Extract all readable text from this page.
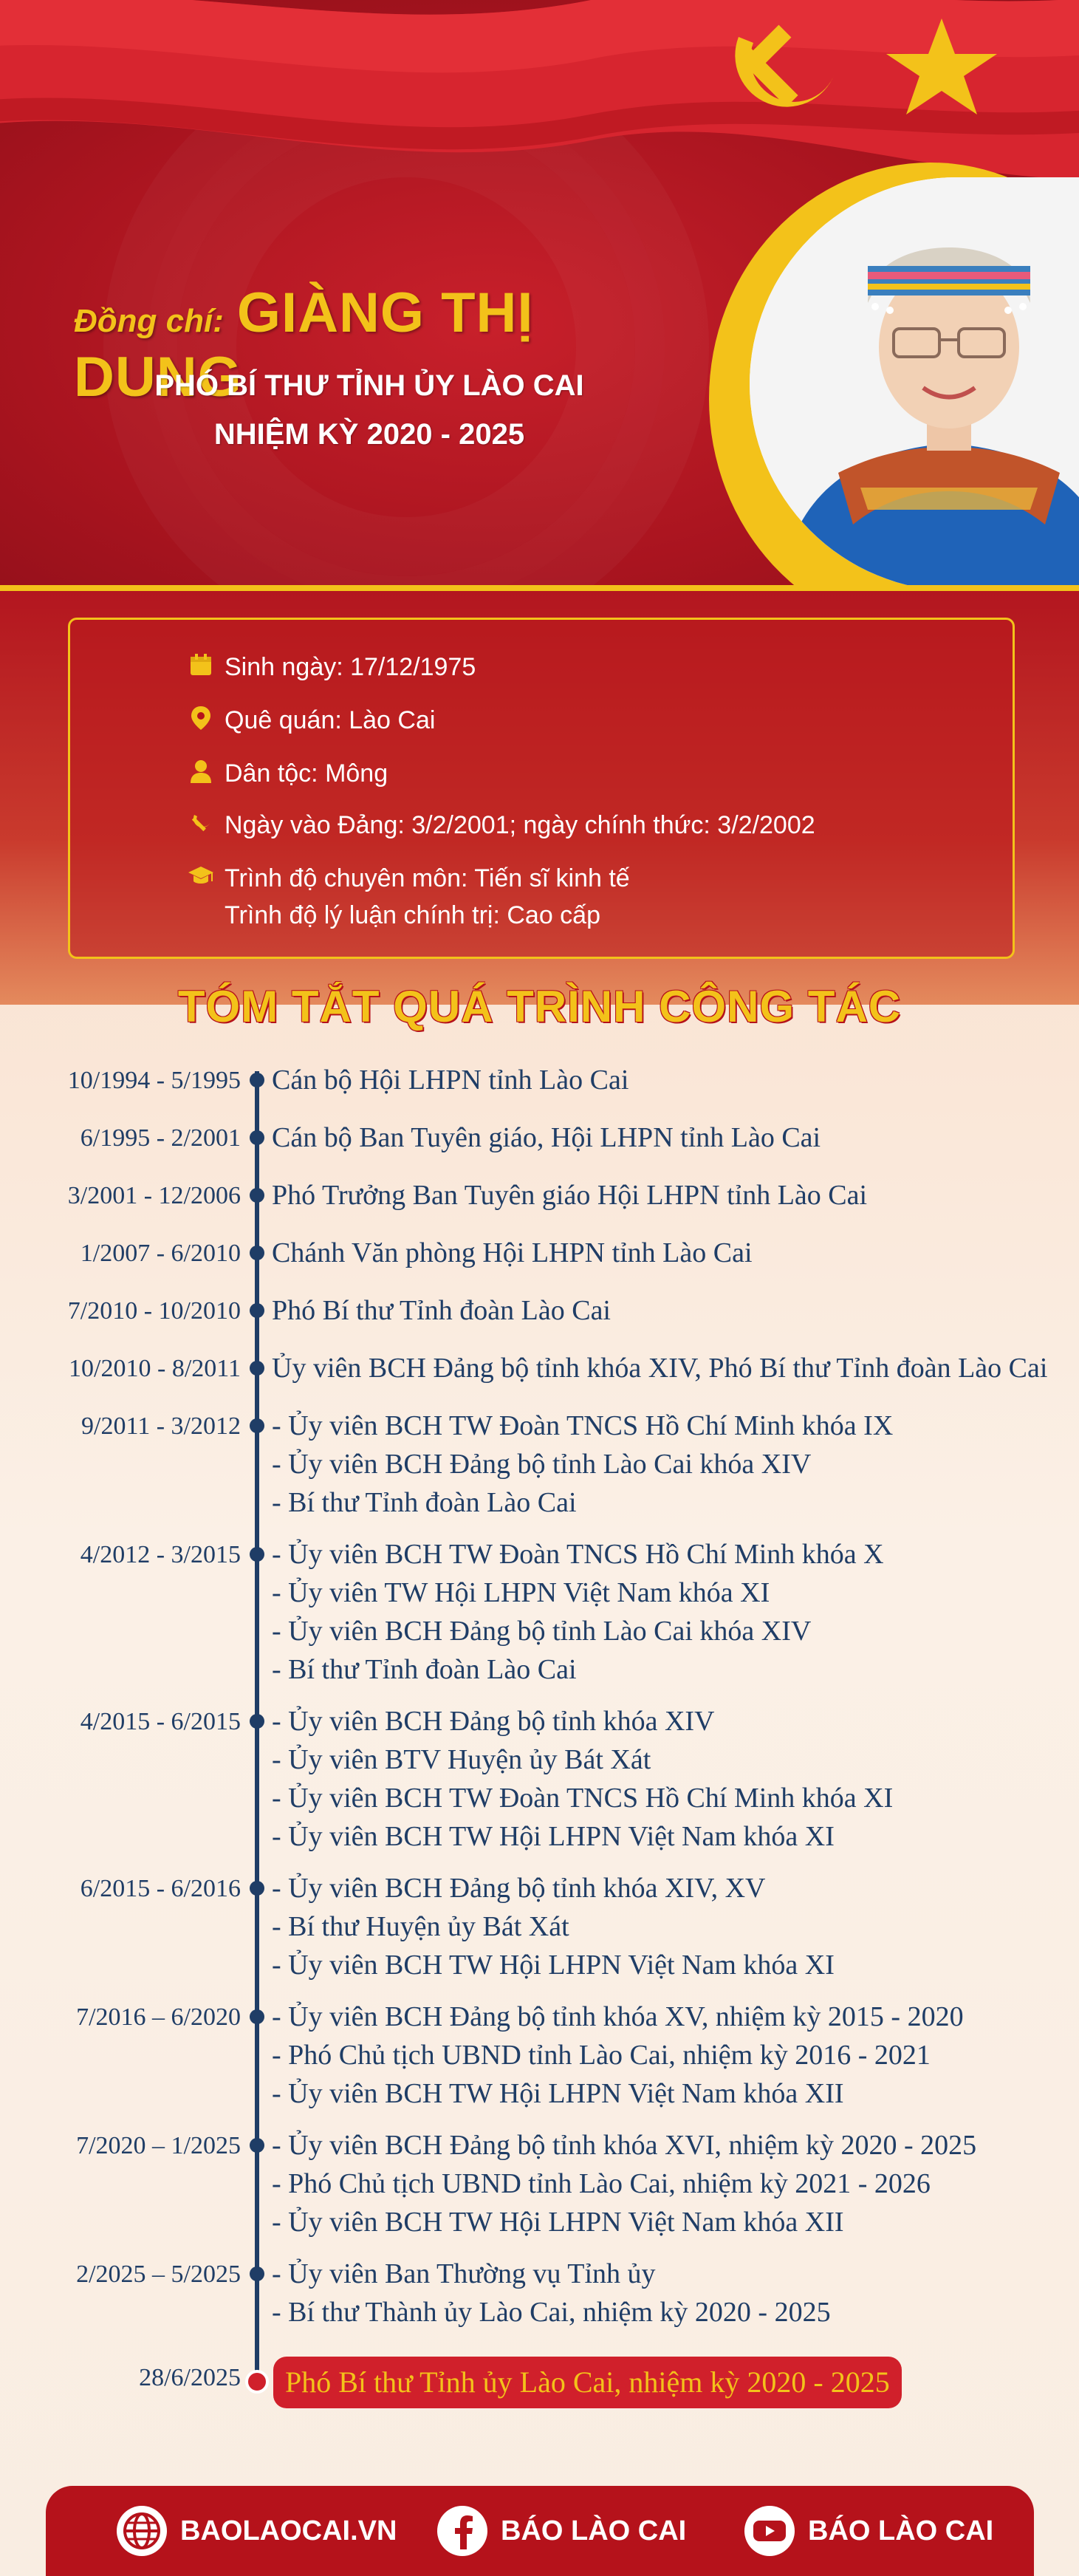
Đồng chí: GIÀNG THỊ DUNG
PHÓ BÍ THƯ TỈNH ỦY LÀO CAI
NHIỆM KỲ 2020 - 2025
Sinh ngày: 17/12/1975
Quê quán: Lào Cai
Dân tộc: Mông
Ngày vào Đảng: 3/2/2001; ngày chính thức: 3/2/2002
Trình độ chuyên môn: Tiến sĩ kinh tế
Trình độ lý luận chính trị: Cao cấp
TÓM TẮT QUÁ TRÌNH CÔNG TÁC
10/1994 - 5/1995 Cán bộ Hội LHPN tỉnh Lào Cai
6/1995 - 2/2001 Cán bộ Ban Tuyên giáo, Hội LHPN tỉnh Lào Cai
3/2001 - 12/2006 Phó Trưởng Ban Tuyên giáo Hội LHPN tỉnh Lào Cai
1/2007 - 6/2010 Chánh Văn phòng Hội LHPN tỉnh Lào Cai
7/2010 - 10/2010 Phó Bí thư Tỉnh đoàn Lào Cai
10/2010 - 8/2011 Ủy viên BCH Đảng bộ tỉnh khóa XIV, Phó Bí thư Tỉnh đoàn Lào Cai
9/2011 - 3/2012 - Ủy viên BCH TW Đoàn TNCS Hồ Chí Minh khóa IX
- Ủy viên BCH Đảng bộ tỉnh Lào Cai khóa XIV
- Bí thư Tỉnh đoàn Lào Cai
4/2012 - 3/2015 - Ủy viên BCH TW Đoàn TNCS Hồ Chí Minh khóa X
- Ủy viên TW Hội LHPN Việt Nam khóa XI
- Ủy viên BCH Đảng bộ tỉnh Lào Cai khóa XIV
- Bí thư Tỉnh đoàn Lào Cai
4/2015 - 6/2015 - Ủy viên BCH Đảng bộ tỉnh khóa XIV
- Ủy viên BTV Huyện ủy Bát Xát
- Ủy viên BCH TW Đoàn TNCS Hồ Chí Minh khóa XI
- Ủy viên BCH TW Hội LHPN Việt Nam khóa XI
6/2015 - 6/2016 - Ủy viên BCH Đảng bộ tỉnh khóa XIV, XV
- Bí thư Huyện ủy Bát Xát
- Ủy viên BCH TW Hội LHPN Việt Nam khóa XI
7/2016 – 6/2020 - Ủy viên BCH Đảng bộ tỉnh khóa XV, nhiệm kỳ 2015 - 2020
- Phó Chủ tịch UBND tỉnh Lào Cai, nhiệm kỳ 2016 - 2021
- Ủy viên BCH TW Hội LHPN Việt Nam khóa XII
7/2020 – 1/2025 - Ủy viên BCH Đảng bộ tỉnh khóa XVI, nhiệm kỳ 2020 - 2025
- Phó Chủ tịch UBND tỉnh Lào Cai, nhiệm kỳ 2021 - 2026
- Ủy viên BCH TW Hội LHPN Việt Nam khóa XII
2/2025 – 5/2025 - Ủy viên Ban Thường vụ Tỉnh ủy
- Bí thư Thành ủy Lào Cai, nhiệm kỳ 2020 - 2025
28/6/2025	Phó Bí thư Tỉnh ủy Lào Cai, nhiệm kỳ 2020 - 2025
BAOLAOCAI.VN	BÁO LÀO CAI	BÁO LÀO CAI
